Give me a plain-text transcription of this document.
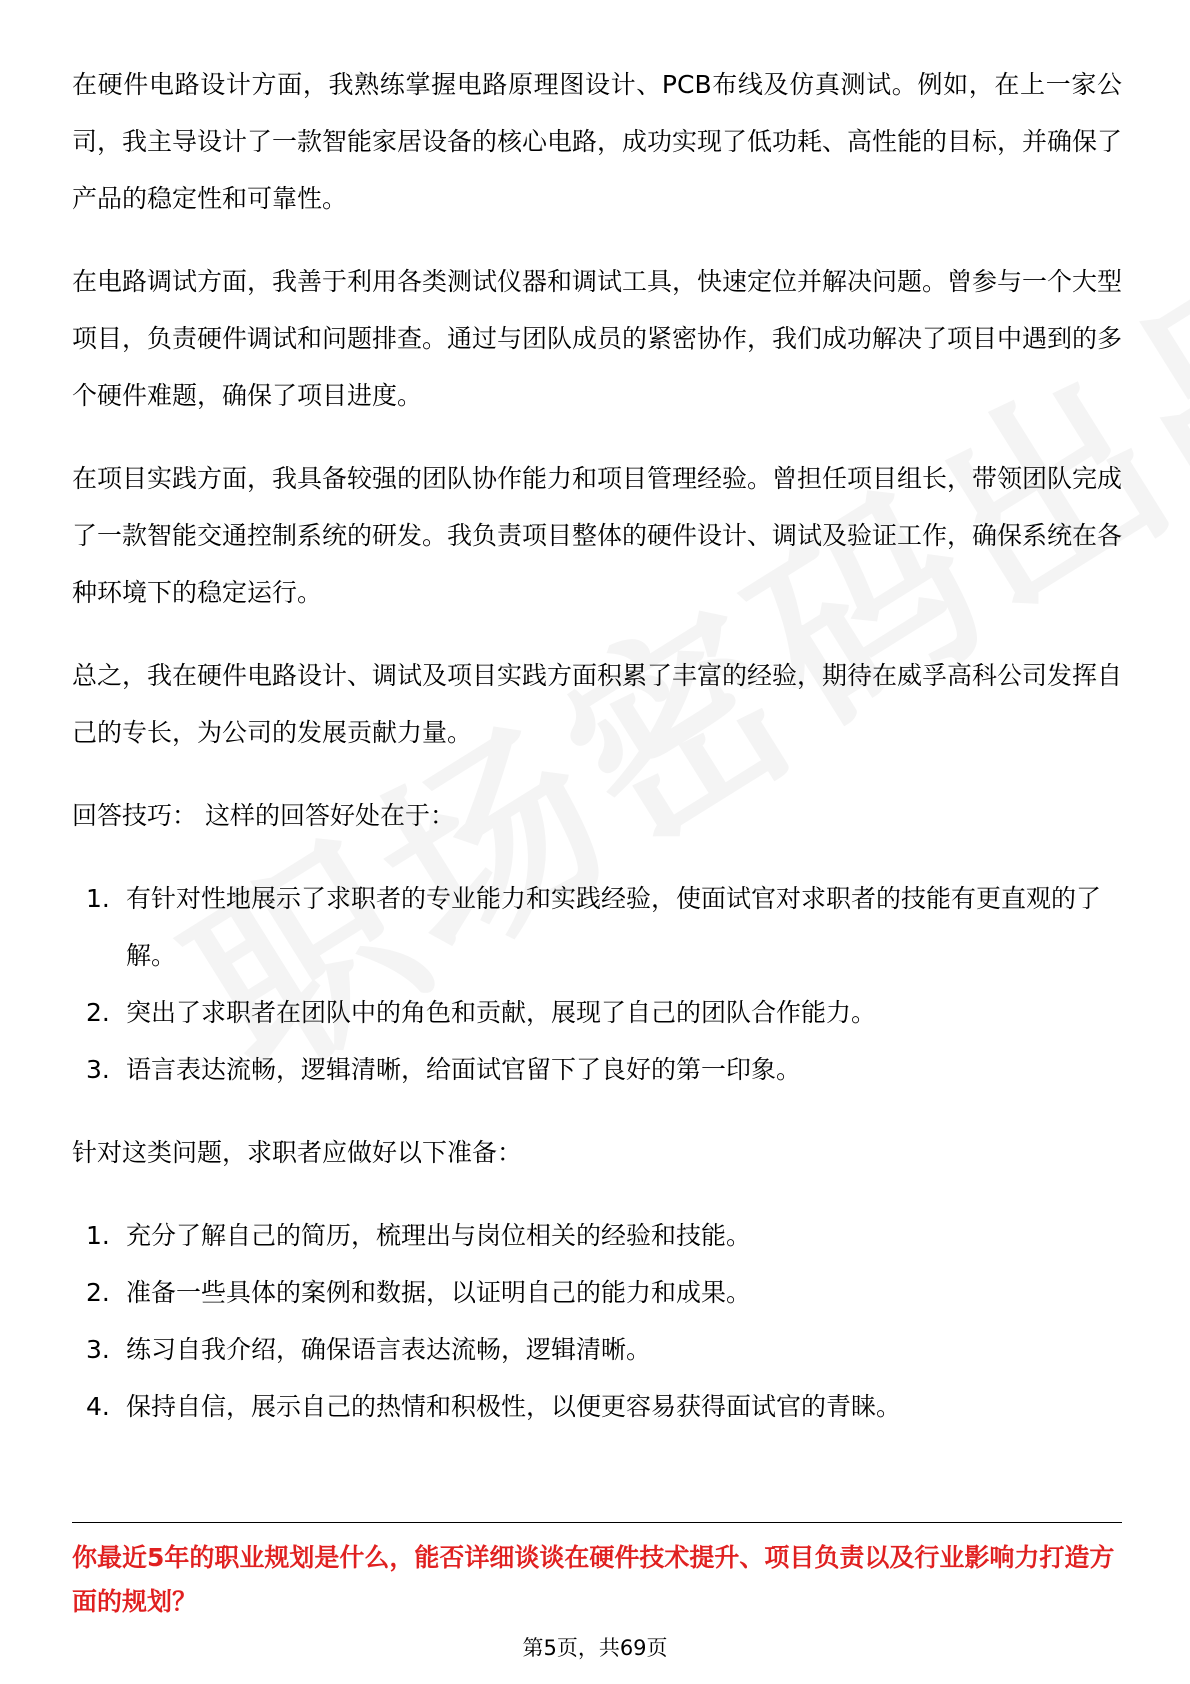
在硬件电路设计方面，我熟练掌握电路原理图设计、PCB布线及仿真测试。例如，在上一家公司，我主导设计了一款智能家居设备的核心电路，成功实现了低功耗、高性能的目标，并确保了产品的稳定性和可靠性。

在电路调试方面，我善于利用各类测试仪器和调试工具，快速定位并解决问题。曾参与一个大型项目，负责硬件调试和问题排查。通过与团队成员的紧密协作，我们成功解决了项目中遇到的多个硬件难题，确保了项目进度。

在项目实践方面，我具备较强的团队协作能力和项目管理经验。曾担任项目组长，带领团队完成了一款智能交通控制系统的研发。我负责项目整体的硬件设计、调试及验证工作，确保系统在各种环境下的稳定运行。

总之，我在硬件电路设计、调试及项目实践方面积累了丰富的经验，期待在威孚高科公司发挥自己的专长，为公司的发展贡献力量。

回答技巧： 这样的回答好处在于：

1. 有针对性地展示了求职者的专业能力和实践经验，使面试官对求职者的技能有更直观的了解。
2. 突出了求职者在团队中的角色和贡献，展现了自己的团队合作能力。
3. 语言表达流畅，逻辑清晰，给面试官留下了良好的第一印象。

针对这类问题，求职者应做好以下准备：

1. 充分了解自己的简历，梳理出与岗位相关的经验和技能。
2. 准备一些具体的案例和数据，以证明自己的能力和成果。
3. 练习自我介绍，确保语言表达流畅，逻辑清晰。
4. 保持自信，展示自己的热情和积极性，以便更容易获得面试官的青睐。
你最近5年的职业规划是什么，能否详细谈谈在硬件技术提升、项目负责以及行业影响力打造方面的规划？
第5页，共69页
